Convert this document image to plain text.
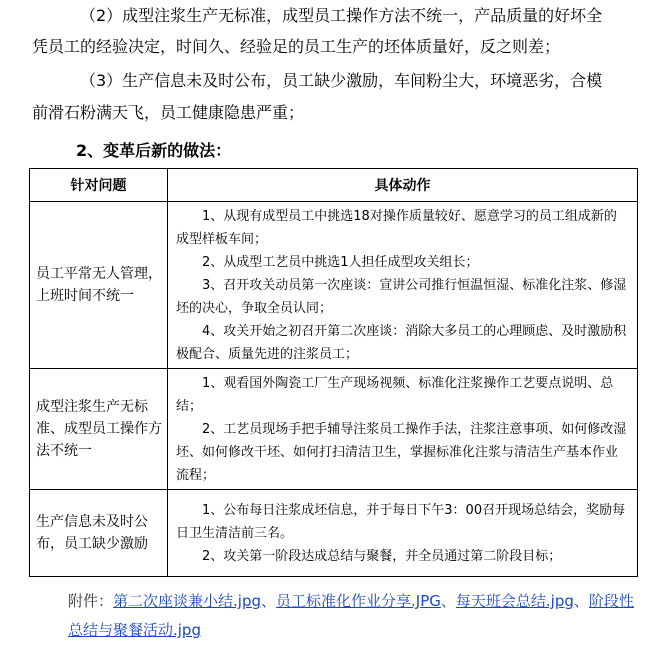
（2）成型注浆生产无标准，成型员工操作方法不统一，产品质量的好坏全
凭员工的经验决定，时间久、经验足的员工生产的坯体质量好，反之则差；
（3）生产信息未及时公布，员工缺少激励，车间粉尘大，环境恶劣，合模
前滑石粉满天飞，员工健康隐患严重；
2、变革后新的做法：
针对问题	具体动作
员工平常无人管理，上班时间不统一	1、从现有成型员工中挑选18对操作质量较好、愿意学习的员工组成新的成型样板车间；

2、从成型工艺员中挑选1人担任成型攻关组长；

3、召开攻关动员第一次座谈：宣讲公司推行恒温恒湿、标准化注浆、修湿坯的决心，争取全员认同；

4、攻关开始之初召开第二次座谈：消除大多员工的心理顾虑、及时激励积极配合、质量先进的注浆员工；

成型注浆生产无标准、成型员工操作方法不统一	1、观看国外陶瓷工厂生产现场视频、标准化注浆操作工艺要点说明、总结；

2、工艺员现场手把手辅导注浆员工操作手法，注浆注意事项、如何修改湿坯、如何修改干坯、如何打扫清洁卫生，掌握标准化注浆与清洁生产基本作业流程；

生产信息未及时公布，员工缺少激励	1、公布每日注浆成坯信息，并于每日下午3：00召开现场总结会，奖励每日卫生清洁前三名。

2、攻关第一阶段达成总结与聚餐，并全员通过第二阶段目标；

附件：第二次座谈兼小结.jpg、员工标准化作业分享.JPG、每天班会总结.jpg、阶段性总结与聚餐活动.jpg
